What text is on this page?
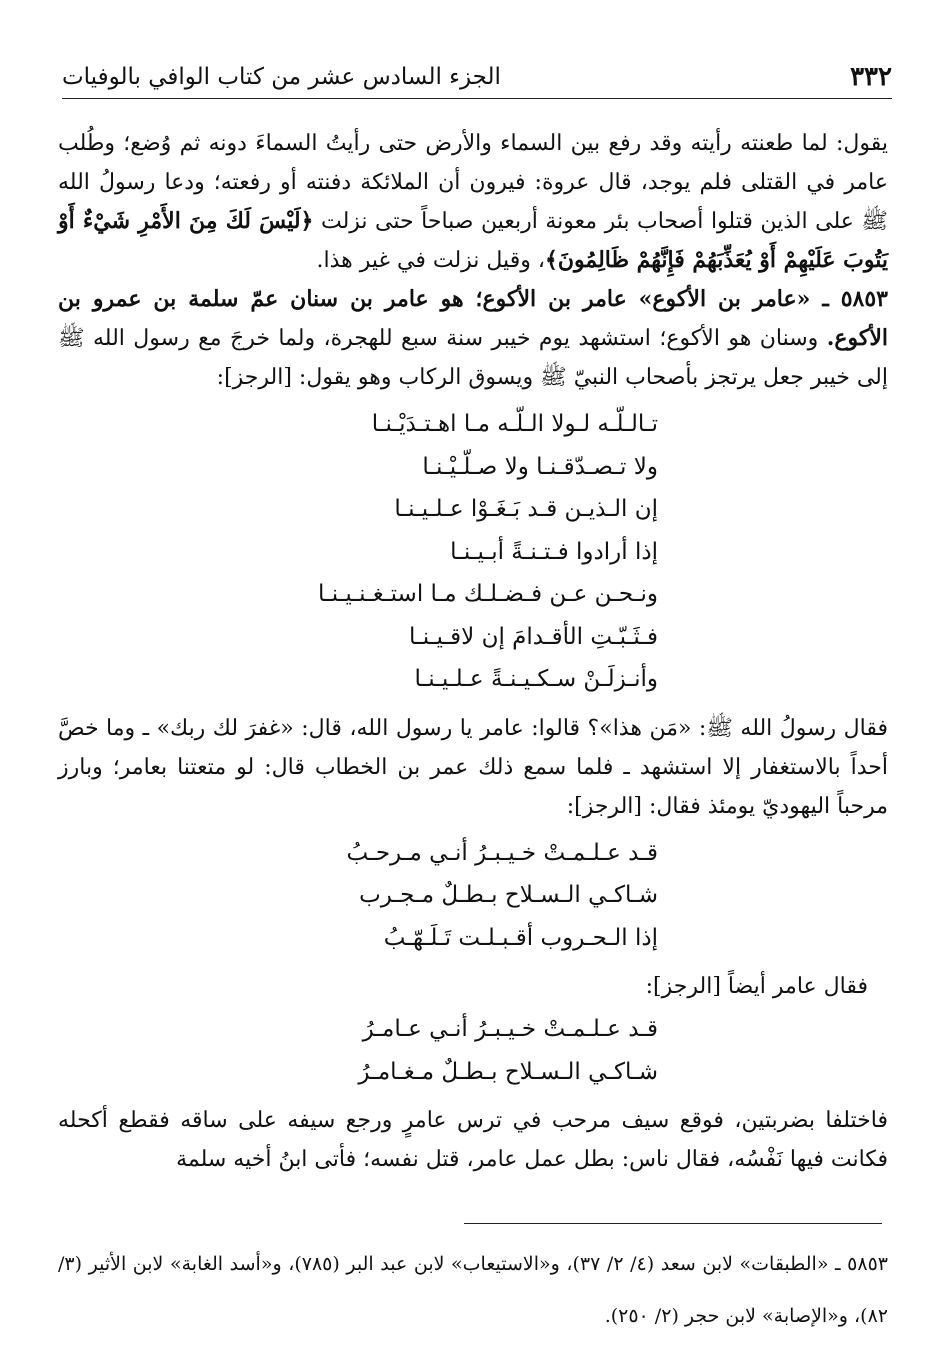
٣٣٢
الجزء السادس عشر من كتاب الوافي بالوفيات

يقول: لما طعنته رأيته وقد رفع بين السماء والأرض حتى رأيتُ السماءَ دونه ثم وُضع؛ وطُلب عامر في القتلى فلم يوجد، قال عروة: فيرون أن الملائكة دفنته أو رفعته؛ ودعا رسولُ الله ﷺ على الذين قتلوا أصحاب بئر معونة أربعين صباحاً حتى نزلت ﴿لَيْسَ لَكَ مِنَ الأَمْرِ شَيْءٌ أَوْ يَتُوبَ عَلَيْهِمْ أَوْ يُعَذِّبَهُمْ فَإِنَّهُمْ ظَالِمُونَ﴾، وقيل نزلت في غير هذا.

٥٨٥٣ ـ «عامر بن الأكوع» عامر بن الأكوع؛ هو عامر بن سنان عمّ سلمة بن عمرو بن الأكوع. وسنان هو الأكوع؛ استشهد يوم خيبر سنة سبع للهجرة، ولما خرجَ مع رسول الله ﷺ إلى خيبر جعل يرتجز بأصحاب النبيّ ﷺ ويسوق الركاب وهو يقول: [الرجز]:

تـالـلّـه لـولا الـلّـه مـا اهـتـدَيْـنـا
ولا تـصـدّقـنـا ولا صـلّـيْـنـا
إن الـذيـن قـد بَـغَـوْا عـلـيـنـا
إذا أرادوا فـتـنـةً أبـيـنـا
ونـحـن عـن فـضـلـك مـا استـغـنـيـنـا
فـثَـبّـتِ الأقـدامَ إن لاقـيـنـا
وأنـزلَـنْ سـكـيـنـةً عـلـيـنـا

فقال رسولُ الله ﷺ: «مَن هذا»؟ قالوا: عامر يا رسول الله، قال: «غفرَ لك ربك» ـ وما خصَّ أحداً بالاستغفار إلا استشهد ـ فلما سمع ذلك عمر بن الخطاب قال: لو متعتنا بعامر؛ وبارز مرحباً اليهوديّ يومئذ فقال: [الرجز]:

قـد عـلـمـتْ خـيـبـرُ أنـي مـرحـبُ
شـاكـي الـسـلاح بـطـلٌ مـجـرب
إذا الـحـروب أقـبـلـت تَـلَـهّـبُ

فقال عامر أيضاً [الرجز]:

قـد عـلـمـتْ خـيـبـرُ أنـي عـامـرُ
شـاكـي الـسـلاح بـطـلٌ مـغـامـرُ

فاختلفا بضربتين، فوقع سيف مرحب في ترس عامرٍ ورجع سيفه على ساقه فقطع أكحله فكانت فيها نَفْسُه، فقال ناس: بطل عمل عامر، قتل نفسه؛ فأتى ابنُ أخيه سلمة

٥٨٥٣ ـ «الطبقات» لابن سعد (٤/ ٢/ ٣٧)، و«الاستيعاب» لابن عبد البر (٧٨٥)، و«أسد الغابة» لابن الأثير (٣/ ٨٢)، و«الإصابة» لابن حجر (٢/ ٢٥٠).
